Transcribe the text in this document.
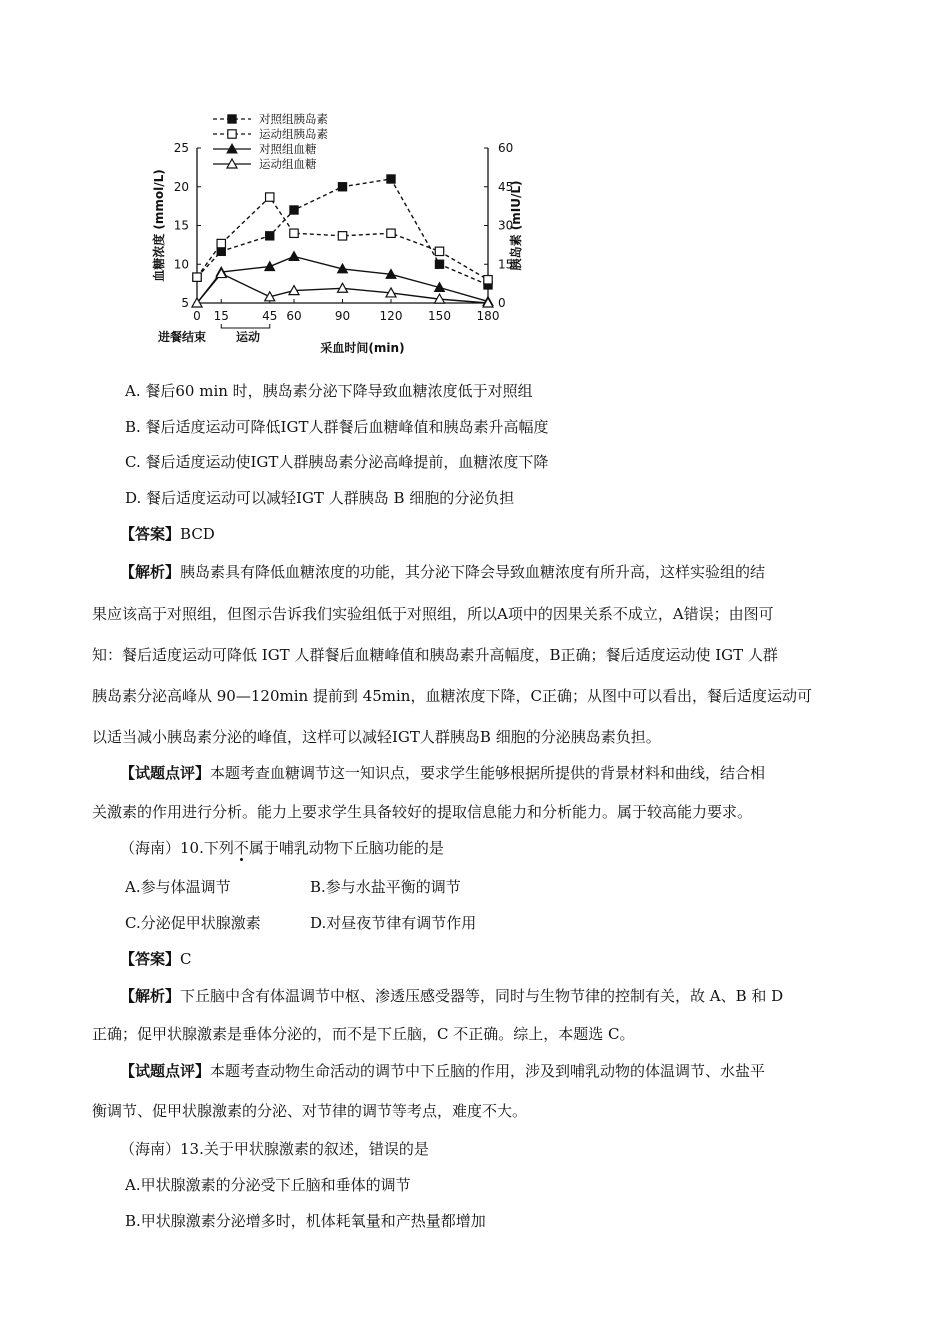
5
10
15
20
25
0
15
30
45
60
0 15	45 60	90 120 150 180
血糖浓度 (mmol/L)	胰岛素 (mIU/L)
采血时间(min)
进餐结束 运动
对照组胰岛素
运动组胰岛素
对照组血糖
运动组血糖
A. 餐后60 min 时，胰岛素分泌下降导致血糖浓度低于对照组
B. 餐后适度运动可降低IGT人群餐后血糖峰值和胰岛素升高幅度
C. 餐后适度运动使IGT人群胰岛素分泌高峰提前，血糖浓度下降
D. 餐后适度运动可以减轻IGT 人群胰岛 B 细胞的分泌负担
【答案】BCD
【解析】胰岛素具有降低血糖浓度的功能，其分泌下降会导致血糖浓度有所升高，这样实验组的结
果应该高于对照组，但图示告诉我们实验组低于对照组，所以A项中的因果关系不成立，A错误；由图可
知：餐后适度运动可降低 IGT 人群餐后血糖峰值和胰岛素升高幅度，B正确；餐后适度运动使 IGT 人群
胰岛素分泌高峰从 90—120min 提前到 45min，血糖浓度下降，C正确；从图中可以看出，餐后适度运动可
以适当减小胰岛素分泌的峰值，这样可以减轻IGT人群胰岛B 细胞的分泌胰岛素负担。
【试题点评】本题考查血糖调节这一知识点，要求学生能够根据所提供的背景材料和曲线，结合相
关激素的作用进行分析。能力上要求学生具备较好的提取信息能力和分析能力。属于较高能力要求。
（海南）10.下列不
属于哺乳动物下丘脑功能的是
A.参与体温调节	B.参与水盐平衡的调节
C.分泌促甲状腺激素	D.对昼夜节律有调节作用
【答案】C
【解析】下丘脑中含有体温调节中枢、渗透压感受器等，同时与生物节律的控制有关，故 A、B 和 D
正确；促甲状腺激素是垂体分泌的，而不是下丘脑，C 不正确。综上，本题选 C。
【试题点评】本题考查动物生命活动的调节中下丘脑的作用，涉及到哺乳动物的体温调节、水盐平
衡调节、促甲状腺激素的分泌、对节律的调节等考点，难度不大。
（海南）13.关于甲状腺激素的叙述，错误的是
A.甲状腺激素的分泌受下丘脑和垂体的调节
B.甲状腺激素分泌增多时，机体耗氧量和产热量都增加
